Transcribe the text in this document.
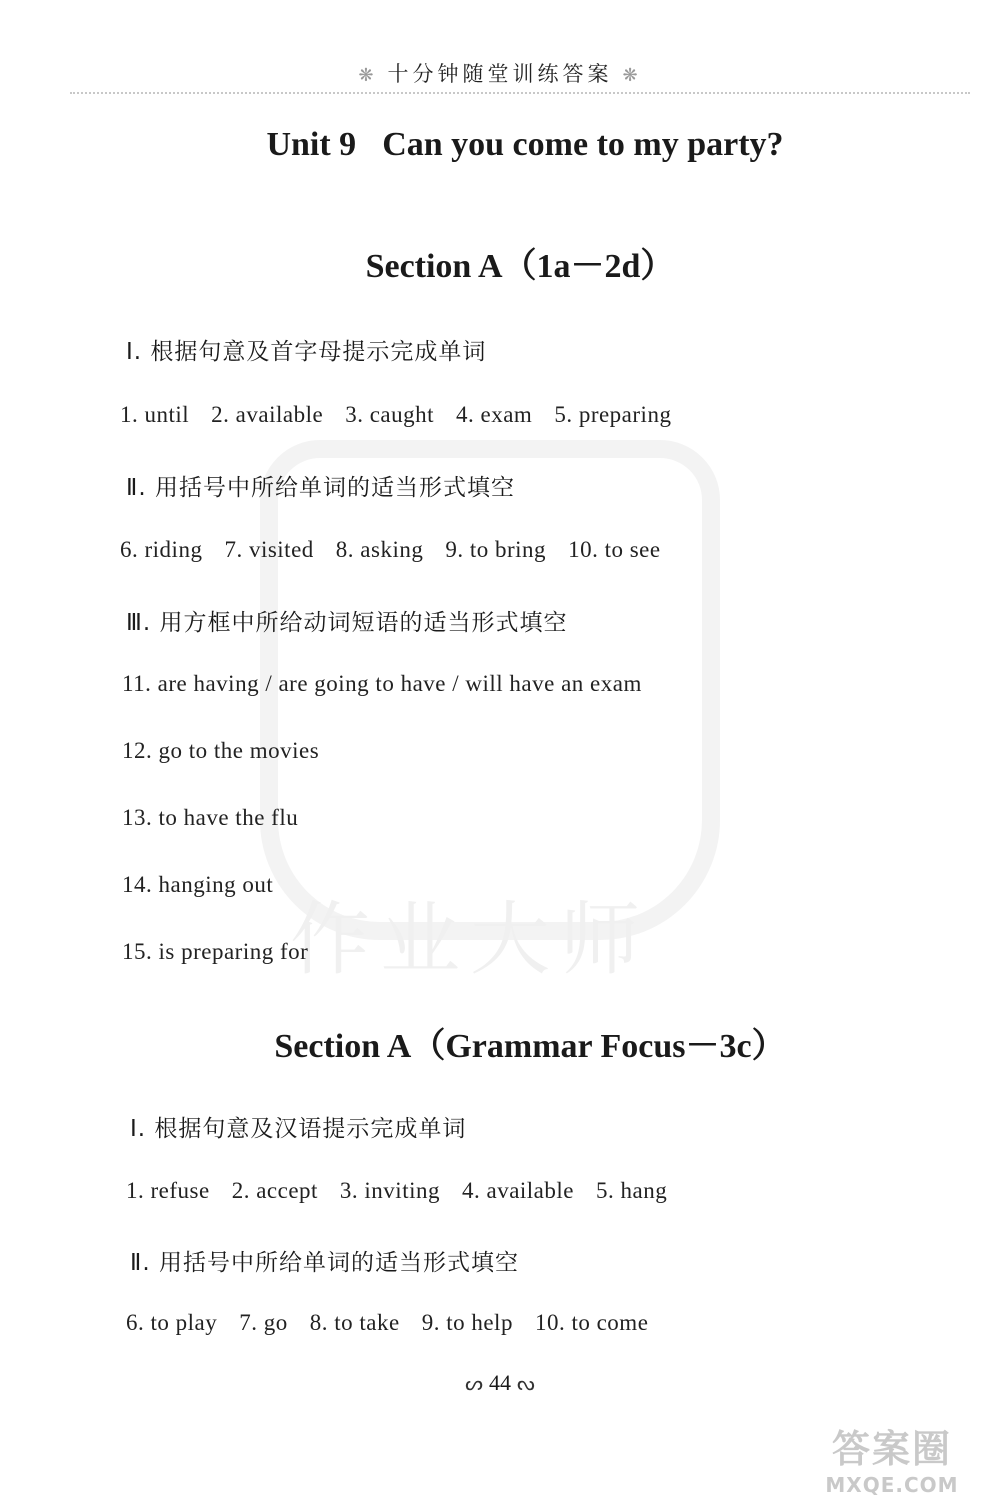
作业大师
❋ 十分钟随堂训练答案 ❋
Unit 9 Can you come to my party?
Section A（1a－2d）
Ⅰ. 根据句意及首字母提示完成单词
1. until 2. available 3. caught 4. exam 5. preparing
Ⅱ. 用括号中所给单词的适当形式填空
6. riding 7. visited 8. asking 9. to bring 10. to see
Ⅲ. 用方框中所给动词短语的适当形式填空
11. are having / are going to have / will have an exam
12. go to the movies
13. to have the flu
14. hanging out
15. is preparing for
Section A（Grammar Focus－3c）
Ⅰ. 根据句意及汉语提示完成单词
1. refuse 2. accept 3. inviting 4. available 5. hang
Ⅱ. 用括号中所给单词的适当形式填空
6. to play 7. go 8. to take 9. to help 10. to come
ᔕ 44 ᔓ
答案圈
MXQE.COM
